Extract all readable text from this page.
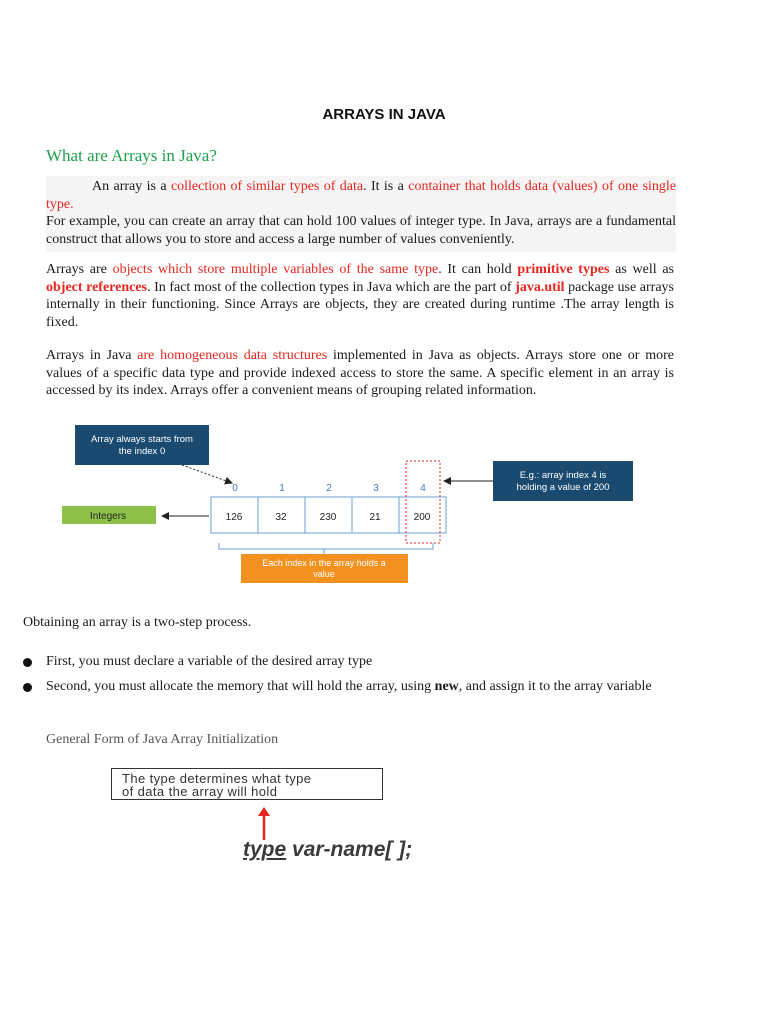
ARRAYS IN JAVA
What are Arrays in Java?
An array is a collection of similar types of data. It is a container that holds data (values) of one single type.
For example, you can create an array that can hold 100 values of integer type. In Java, arrays are a fundamental construct that allows you to store and access a large number of values conveniently.
Arrays are objects which store multiple variables of the same type. It can hold primitive types as well as object references. In fact most of the collection types in Java which are the part of java.util package use arrays internally in their functioning. Since Arrays are objects, they are created during runtime .The array length is fixed.
Arrays in Java are homogeneous data structures implemented in Java as objects. Arrays store one or more values of a specific data type and provide indexed access to store the same. A specific element in an array is accessed by its index. Arrays offer a convenient means of grouping related information.
Array always starts from
the index 0
E.g.: array index 4 is
holding a value of 200
0	1	2	3	4
126	32	230	21	200
Integers
Each index in the array holds a
value
Obtaining an array is a two-step process.
First, you must declare a variable of the desired array type
Second, you must allocate the memory that will hold the array, using new, and assign it to the array variable
General Form of Java Array Initialization
The type determines what type
of data the array will hold
type var-name[ ];
